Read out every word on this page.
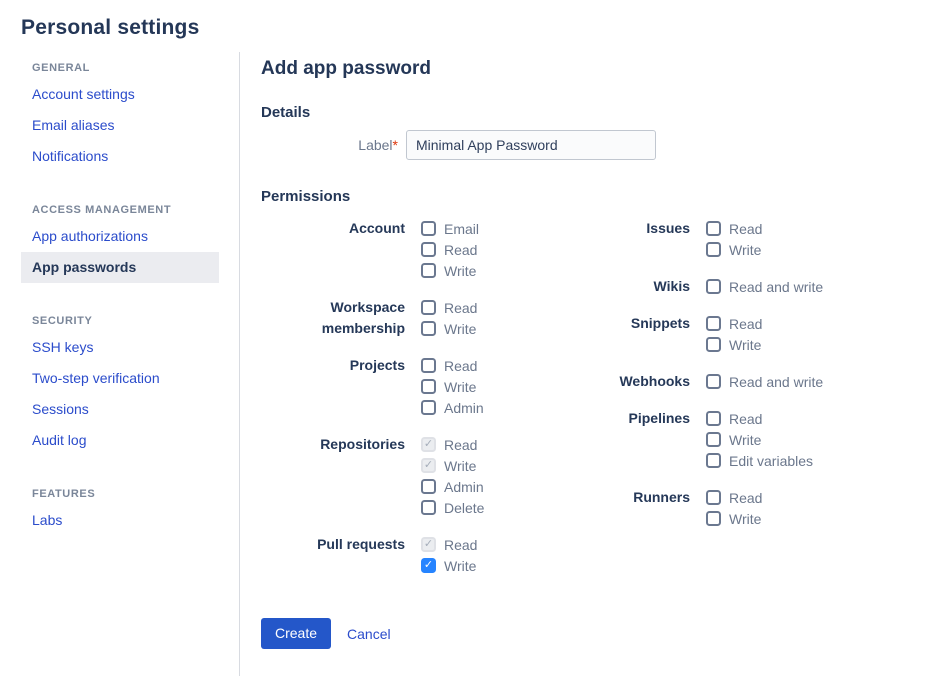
Personal settings
GENERAL
Account settings
Email aliases
Notifications
ACCESS MANAGEMENT
App authorizations
App passwords
SECURITY
SSH keys
Two-step verification
Sessions
Audit log
FEATURES
Labs
Add app password
Details
Label*
Minimal App Password
Permissions
Account	Email
Read
Write
Workspace membership
Read
Write
Projects	Read
Write
Admin
Repositories ✓ Read
✓ Write
Admin
Delete
Pull requests ✓ Read
✓ Write
Issues	Read
Write
Wikis	Read and write
Snippets	Read
Write
Webhooks	Read and write
Pipelines	Read
Write
Edit variables
Runners	Read
Write
Create	Cancel
